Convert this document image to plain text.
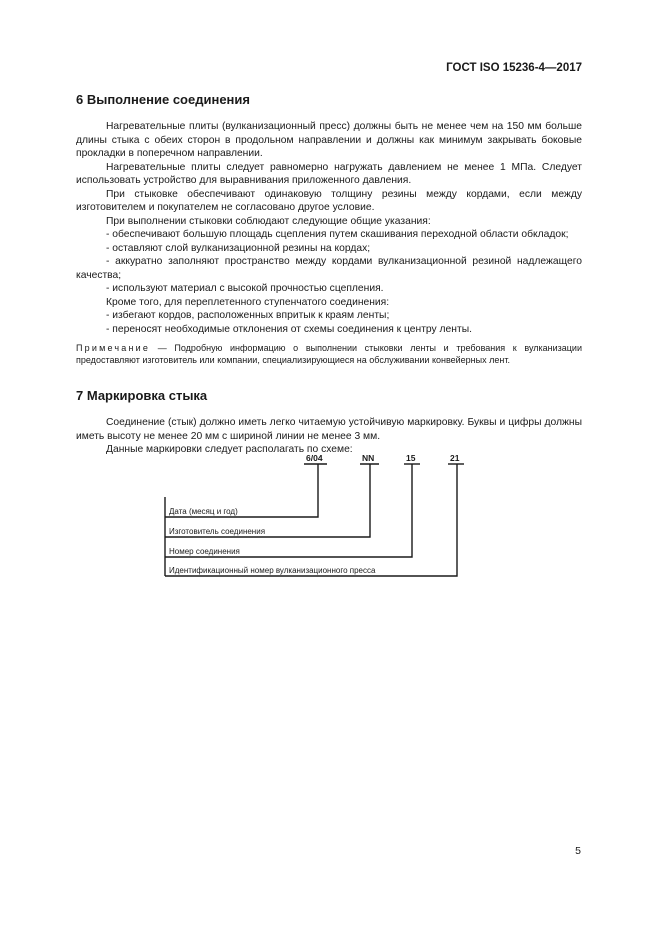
ГОСТ ISO 15236-4—2017
6 Выполнение соединения

Нагревательные плиты (вулканизационный пресс) должны быть не менее чем на 150 мм больше длины стыка с обеих сторон в продольном направлении и должны как минимум закрывать боковые прокладки в поперечном направлении.

Нагревательные плиты следует равномерно нагружать давлением не менее 1 МПа. Следует использовать устройство для выравнивания приложенного давления.

При стыковке обеспечивают одинаковую толщину резины между кордами, если между изготовителем и покупателем не согласовано другое условие.

При выполнении стыковки соблюдают следующие общие указания:

- обеспечивают большую площадь сцепления путем скашивания переходной области обкладок;

- оставляют слой вулканизационной резины на кордах;

- аккуратно заполняют пространство между кордами вулканизационной резиной надлежащего качества;

- используют материал с высокой прочностью сцепления.

Кроме того, для переплетенного ступенчатого соединения:

- избегают кордов, расположенных впритык к краям ленты;

- переносят необходимые отклонения от схемы соединения к центру ленты.

Примечание — Подробную информацию о выполнении стыковки ленты и требования к вулканизации предоставляют изготовитель или компании, специализирующиеся на обслуживании конвейерных лент.

7 Маркировка стыка

Соединение (стык) должно иметь легко читаемую устойчивую маркировку. Буквы и цифры должны иметь высоту не менее 20 мм с шириной линии не менее 3 мм.

Данные маркировки следует располагать по схеме:

6/04	NN	15	21
Дата (месяц и год)
Изготовитель соединения
Номер соединения
Идентификационный номер вулканизационного пресса
5
